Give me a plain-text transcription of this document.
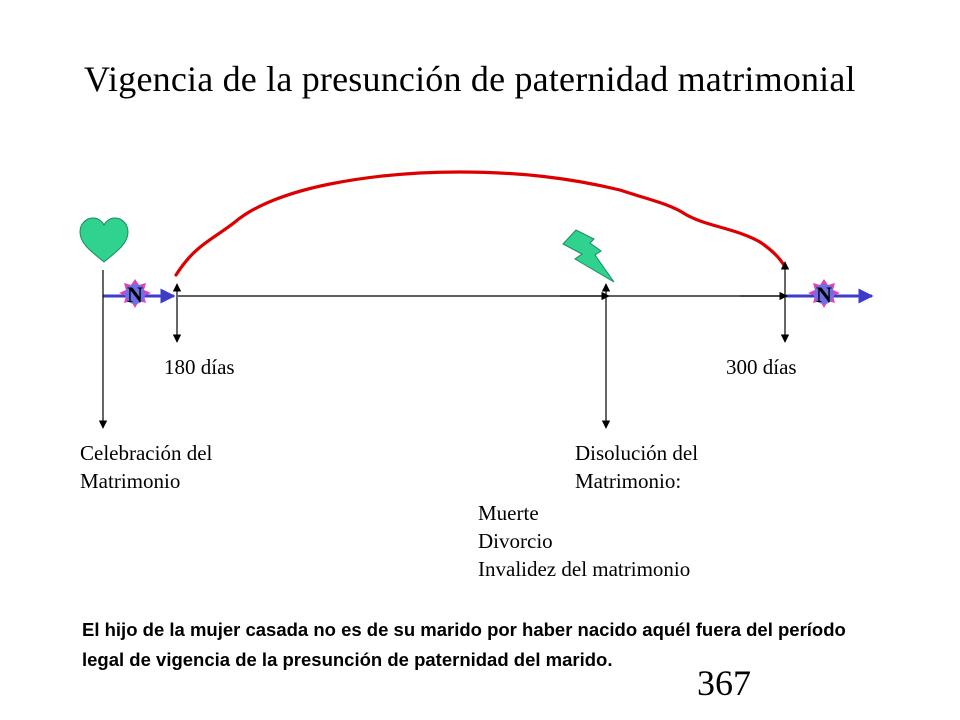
Vigencia de la presunción de paternidad matrimonial
N	N
180 días	300 días
Celebración del
Matrimonio
Disolución del
Matrimonio:
Muerte
Divorcio
Invalidez del matrimonio

El hijo de la mujer casada no es de su marido por haber nacido aquél fuera del período legal de vigencia de la presunción de paternidad del marido.

367
